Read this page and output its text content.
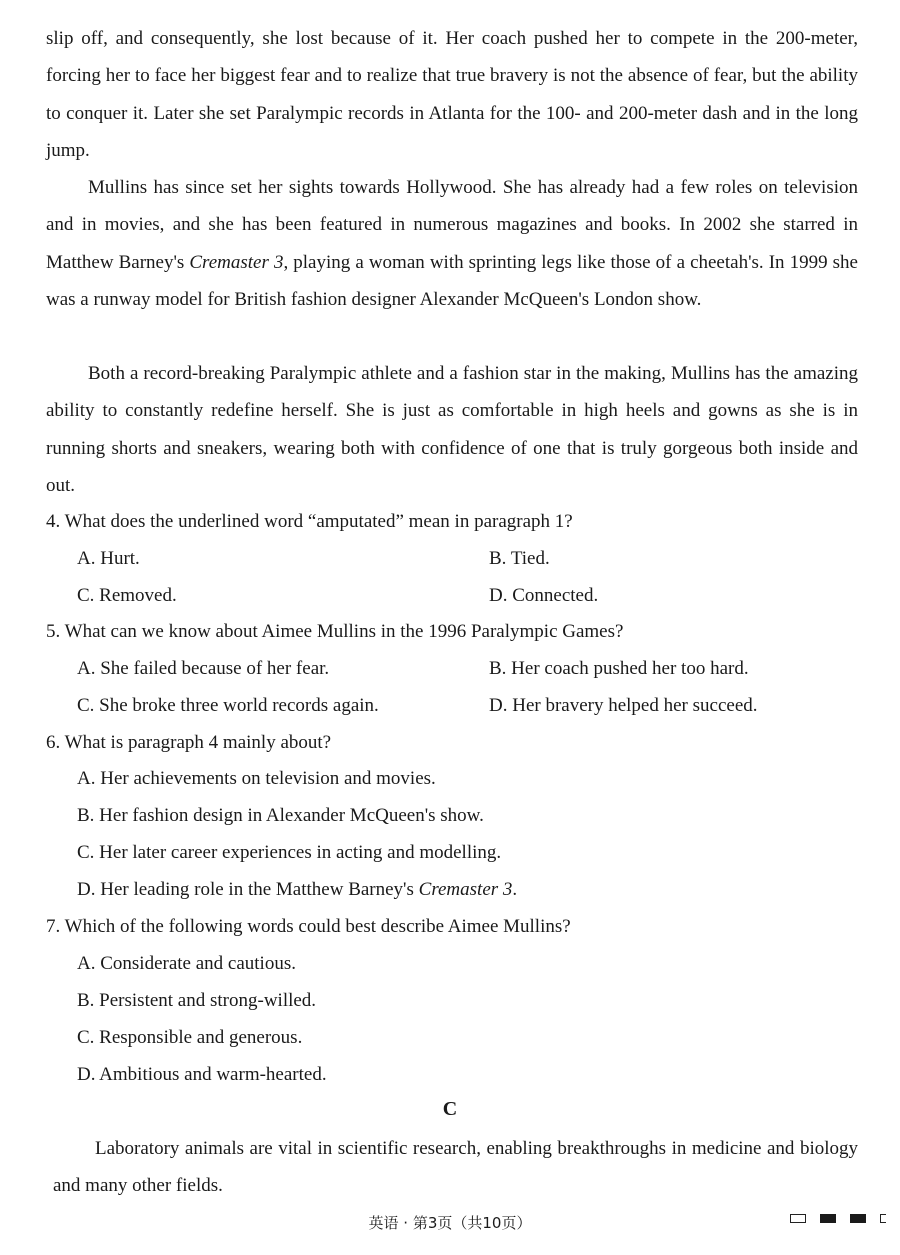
slip off, and consequently, she lost because of it. Her coach pushed her to compete in the 200-meter, forcing her to face her biggest fear and to realize that true bravery is not the absence of fear, but the ability to conquer it. Later she set Paralympic records in Atlanta for the 100- and 200-meter dash and in the long jump.

Mullins has since set her sights towards Hollywood. She has already had a few roles on television and in movies, and she has been featured in numerous magazines and books. In 2002 she starred in Matthew Barney's Cremaster 3, playing a woman with sprinting legs like those of a cheetah's. In 1999 she was a runway model for British fashion designer Alexander McQueen's London show.

Both a record-breaking Paralympic athlete and a fashion star in the making, Mullins has the amazing ability to constantly redefine herself. She is just as comfortable in high heels and gowns as she is in running shorts and sneakers, wearing both with confidence of one that is truly gorgeous both inside and out.

4. What does the underlined word “amputated” mean in paragraph 1?
A. Hurt.	B. Tied.
C. Removed.	D. Connected.
5. What can we know about Aimee Mullins in the 1996 Paralympic Games?
A. She failed because of her fear.	B. Her coach pushed her too hard.
C. She broke three world records again.	D. Her bravery helped her succeed.
6. What is paragraph 4 mainly about?
A. Her achievements on television and movies.
B. Her fashion design in Alexander McQueen's show.
C. Her later career experiences in acting and modelling.
D. Her leading role in the Matthew Barney's Cremaster 3.
7. Which of the following words could best describe Aimee Mullins?
A. Considerate and cautious.
B. Persistent and strong-willed.
C. Responsible and generous.
D. Ambitious and warm-hearted.
C

Laboratory animals are vital in scientific research, enabling breakthroughs in medicine and biology and many other fields.

英语 · 第3页（共10页）
